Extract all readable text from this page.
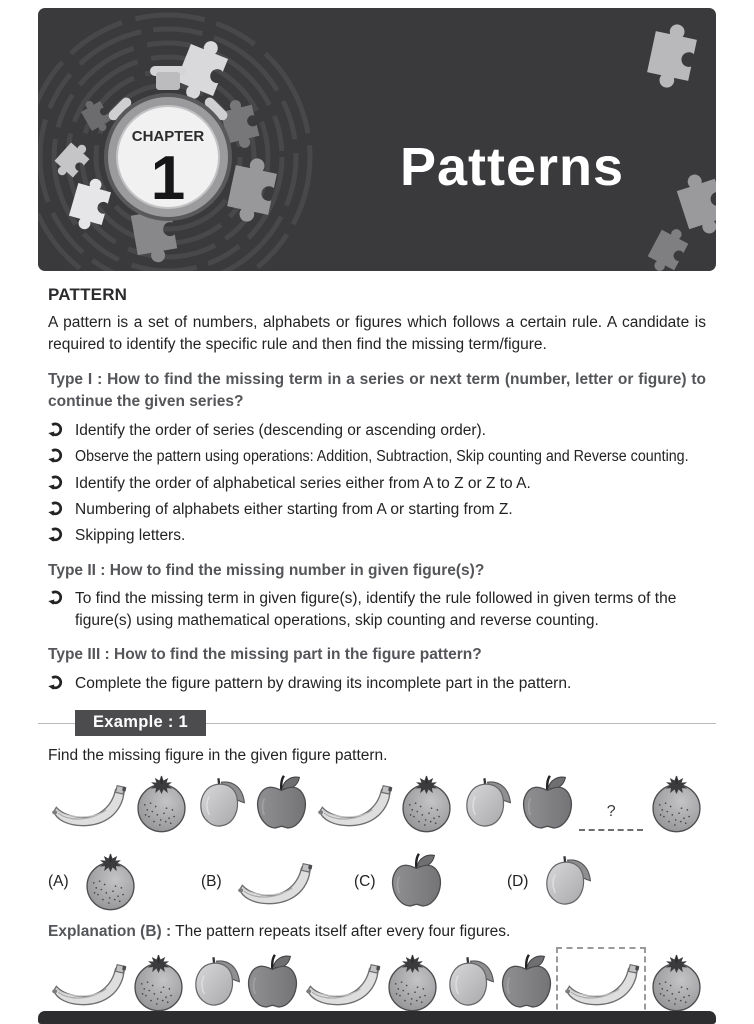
CHAPTER
1	Patterns
PATTERN

A pattern is a set of numbers, alphabets or figures which follows a certain rule. A candidate is required to identify the specific rule and then find the missing term/figure.

Type I : How to find the missing term in a series or next term (number, letter or figure) to continue the given series?
Identify the order of series (descending or ascending order).
Observe the pattern using operations: Addition, Subtraction, Skip counting and Reverse counting.
Identify the order of alphabetical series either from A to Z or Z to A.
Numbering of alphabets either starting from A or starting from Z.
Skipping letters.
Type II : How to find the missing number in given figure(s)?
To find the missing term in given figure(s), identify the rule followed in given terms of the figure(s) using mathematical operations, skip counting and reverse counting.
Type III : How to find the missing part in the figure pattern?
Complete the figure pattern by drawing its incomplete part in the pattern.
Example : 1

Find the missing figure in the given figure pattern.

?
(A)	(B)	(C)	(D)

Explanation (B) : The pattern repeats itself after every four figures.
